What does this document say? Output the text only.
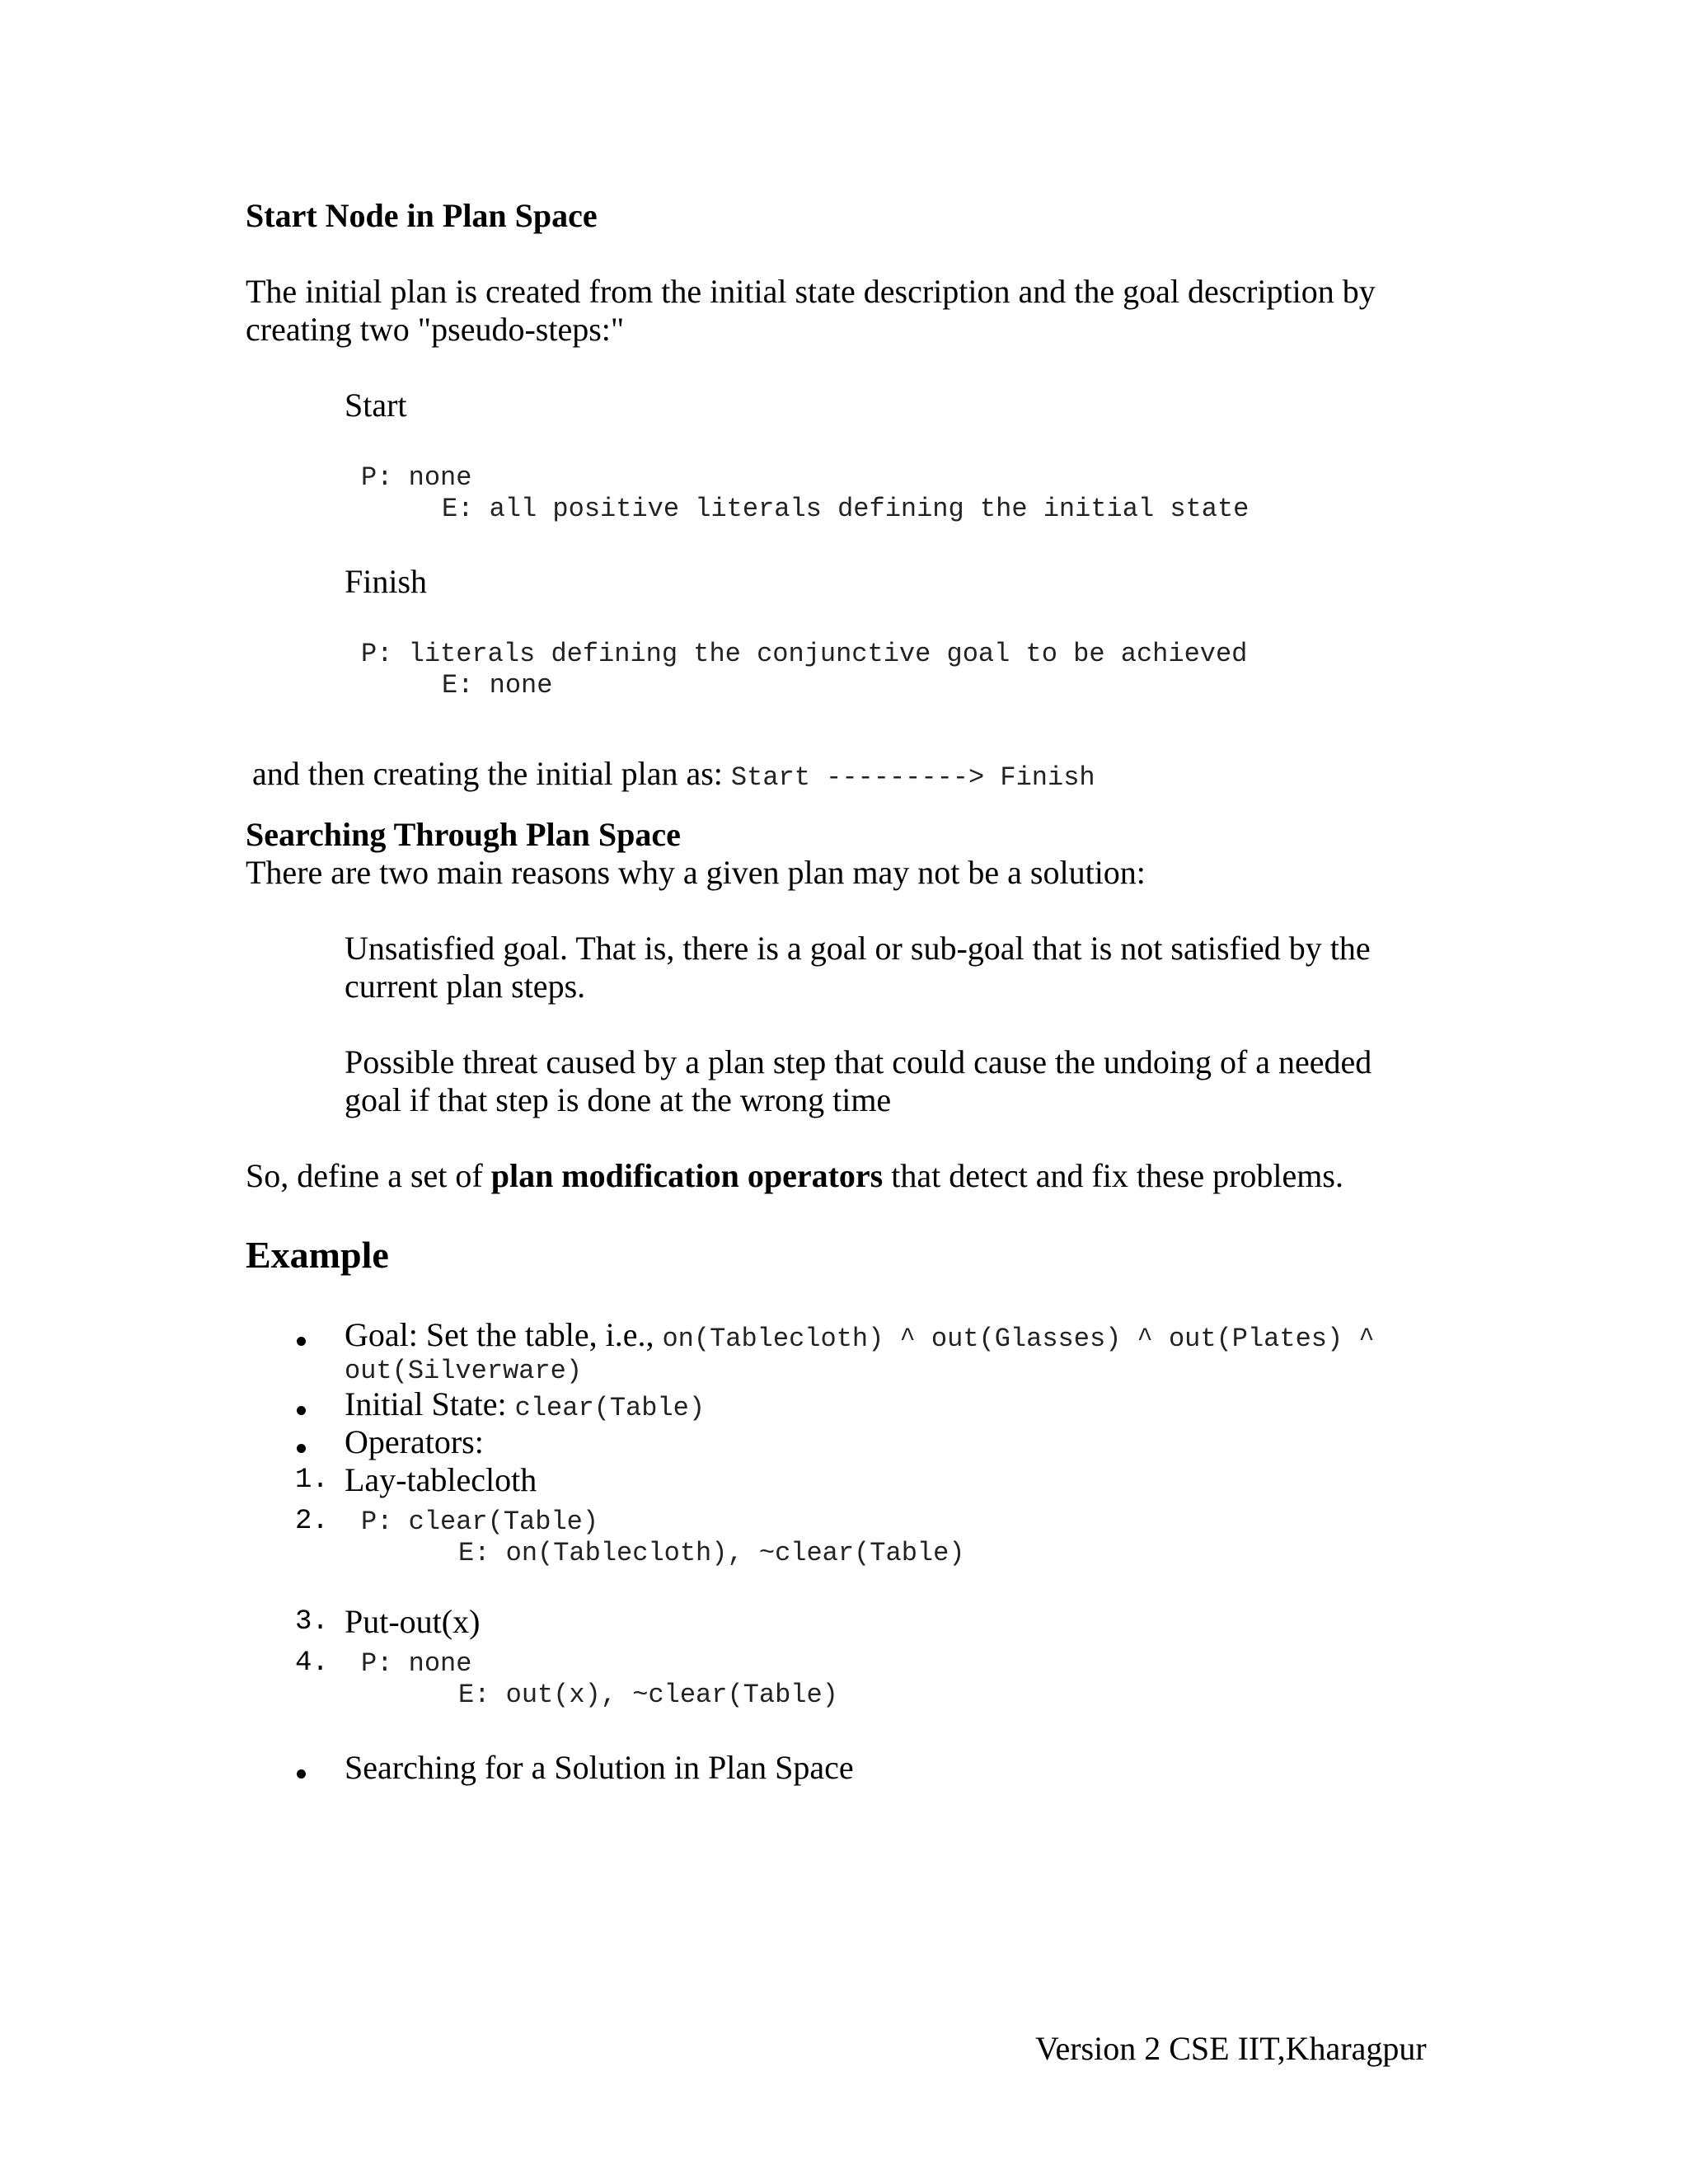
Start Node in Plan Space
The initial plan is created from the initial state description and the goal description by
creating two "pseudo-steps:"
Start
P: none
E: all positive literals defining the initial state
Finish
P: literals defining the conjunctive goal to be achieved
E: none

and then creating the initial plan as: Start ---------> Finish

Searching Through Plan Space
There are two main reasons why a given plan may not be a solution:
Unsatisfied goal. That is, there is a goal or sub-goal that is not satisfied by the
current plan steps.
Possible threat caused by a plan step that could cause the undoing of a needed
goal if that step is done at the wrong time
So, define a set of plan modification operators that detect and fix these problems.
Example
Goal: Set the table, i.e., on(Tablecloth) ^ out(Glasses) ^ out(Plates) ^
out(Silverware)
Initial State: clear(Table)
Operators:
1. Lay-tablecloth
2. P: clear(Table)
E: on(Tablecloth), ~clear(Table)
3. Put-out(x)
4. P: none
E: out(x), ~clear(Table)
Searching for a Solution in Plan Space
Version 2 CSE IIT,Kharagpur
